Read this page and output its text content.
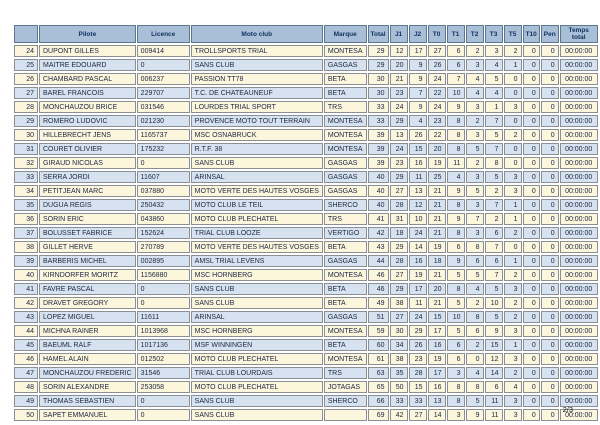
	Pilote	Licence	Moto club	Marque	Total	J1	J2	T0	T1	T2	T3	T5	T10	Pen	Temps total
24	DUPONT GILLES	009414	TROLLSPORTS TRIAL	MONTESA	29	12	17	27	6	2	3	2	0	0	00:00:00
25	MAITRE EDOUARD	0	SANS CLUB	GASGAS	29	20	9	26	6	3	4	1	0	0	00:00:00
26	CHAMBARD PASCAL	006237	PASSION TT78	BETA	30	21	9	24	7	4	5	0	0	0	00:00:00
27	BAREL FRANCOIS	229707	T.C. DE CHATEAUNEUF	BETA	30	23	7	22	10	4	4	0	0	0	00:00:00
28	MONCHAUZOU BRICE	031546	LOURDES TRIAL SPORT	TRS	33	24	9	24	9	3	1	3	0	0	00:00:00
29	ROMERO LUDOVIC	021230	PROVENCE MOTO TOUT TERRAIN	MONTESA	33	29	4	23	8	2	7	0	0	0	00:00:00
30	HILLEBRECHT JENS	1165737	MSC OSNABRUCK	MONTESA	39	13	26	22	8	3	5	2	0	0	00:00:00
31	COURET OLIVIER	175232	R.T.F. 38	MONTESA	39	24	15	20	8	5	7	0	0	0	00:00:00
32	GIRAUD NICOLAS	0	SANS CLUB	GASGAS	39	23	16	19	11	2	8	0	0	0	00:00:00
33	SERRA JORDI	11607	ARINSAL	GASGAS	40	29	11	25	4	3	5	3	0	0	00:00:00
34	PETITJEAN MARC	037880	MOTO VERTE DES HAUTES VOSGES	GASGAS	40	27	13	21	9	5	2	3	0	0	00:00:00
35	DUGUA REGIS	250432	MOTO CLUB LE TEIL	SHERCO	40	28	12	21	8	3	7	1	0	0	00:00:00
36	SORIN ERIC	043860	MOTO CLUB PLECHATEL	TRS	41	31	10	21	9	7	2	1	0	0	00:00:00
37	BOLUSSET FABRICE	152624	TRIAL CLUB LOOZE	VERTIGO	42	18	24	21	8	3	6	2	0	0	00:00:00
38	GILLET HERVE	270789	MOTO VERTE DES HAUTES VOSGES	BETA	43	29	14	19	6	8	7	0	0	0	00:00:00
39	BARBERIS MICHEL	002895	AMSL TRIAL LEVENS	GASGAS	44	28	16	18	9	6	6	1	0	0	00:00:00
40	KIRNDORFER MORITZ	1156880	MSC HORNBERG	MONTESA	46	27	19	21	5	5	7	2	0	0	00:00:00
41	FAVRE PASCAL	0	SANS CLUB	BETA	46	29	17	20	8	4	5	3	0	0	00:00:00
42	DRAVET GREGORY	0	SANS CLUB	BETA	49	38	11	21	5	2	10	2	0	0	00:00:00
43	LOPEZ MIGUEL	11611	ARINSAL	GASGAS	51	27	24	15	10	8	5	2	0	0	00:00:00
44	MICHNA RAINER	1013968	MSC HORNBERG	MONTESA	59	30	29	17	5	6	9	3	0	0	00:00:00
45	BAEUML RALF	1017136	MSF WINNINGEN	BETA	60	34	26	16	6	2	15	1	0	0	00:00:00
46	HAMEL ALAIN	012502	MOTO CLUB PLECHATEL	MONTESA	61	38	23	19	6	0	12	3	0	0	00:00:00
47	MONCHAUZOU FREDERIC	31546	TRIAL CLUB LOURDAIS	TRS	63	35	28	17	3	4	14	2	0	0	00:00:00
48	SORIN ALEXANDRE	253058	MOTO CLUB PLECHATEL	JOTAGAS	65	50	15	16	8	8	6	4	0	0	00:00:00
49	THOMAS SEBASTIEN	0	SANS CLUB	SHERCO	66	33	33	13	8	5	11	3	0	0	00:00:00
50	SAPET EMMANUEL	0	SANS CLUB		69	42	27	14	3	9	11	3	0	0	00:00:00
2/3
